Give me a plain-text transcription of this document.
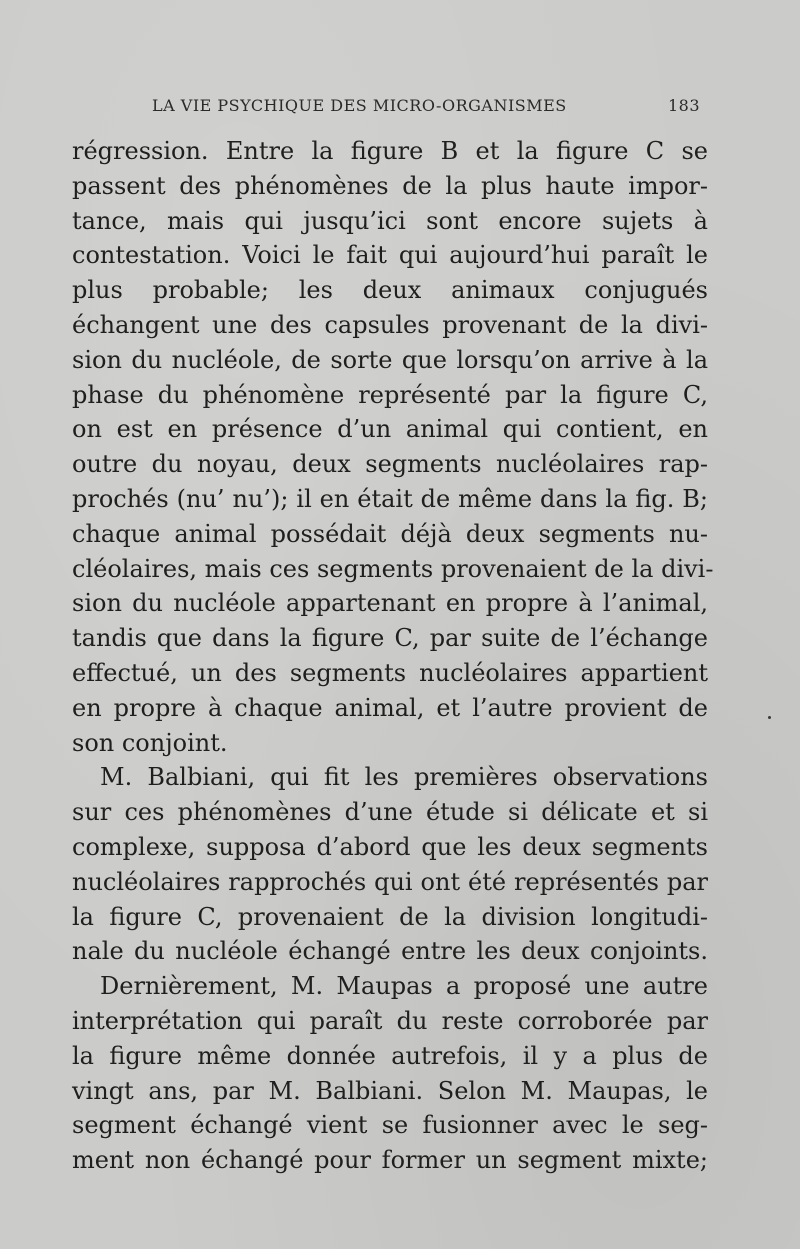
LA VIE PSYCHIQUE DES MICRO-ORGANISMES	183
régression. Entre la figure B et la figure C se
passent des phénomènes de la plus haute impor-
tance, mais qui jusqu’ici sont encore sujets à
contestation. Voici le fait qui aujourd’hui paraît le
plus probable; les deux animaux conjugués
échangent une des capsules provenant de la divi-
sion du nucléole, de sorte que lorsqu’on arrive à la
phase du phénomène représenté par la figure C,
on est en présence d’un animal qui contient, en
outre du noyau, deux segments nucléolaires rap-
prochés (nu’ nu’); il en était de même dans la fig. B;
chaque animal possédait déjà deux segments nu-
cléolaires, mais ces segments provenaient de la divi-
sion du nucléole appartenant en propre à l’animal,
tandis que dans la figure C, par suite de l’échange
effectué, un des segments nucléolaires appartient
en propre à chaque animal, et l’autre provient de
son conjoint.
M. Balbiani, qui fit les premières observations
sur ces phénomènes d’une étude si délicate et si
complexe, supposa d’abord que les deux segments
nucléolaires rapprochés qui ont été représentés par
la figure C, provenaient de la division longitudi-
nale du nucléole échangé entre les deux conjoints.
Dernièrement, M. Maupas a proposé une autre
interprétation qui paraît du reste corroborée par
la figure même donnée autrefois, il y a plus de
vingt ans, par M. Balbiani. Selon M. Maupas, le
segment échangé vient se fusionner avec le seg-
ment non échangé pour former un segment mixte;
